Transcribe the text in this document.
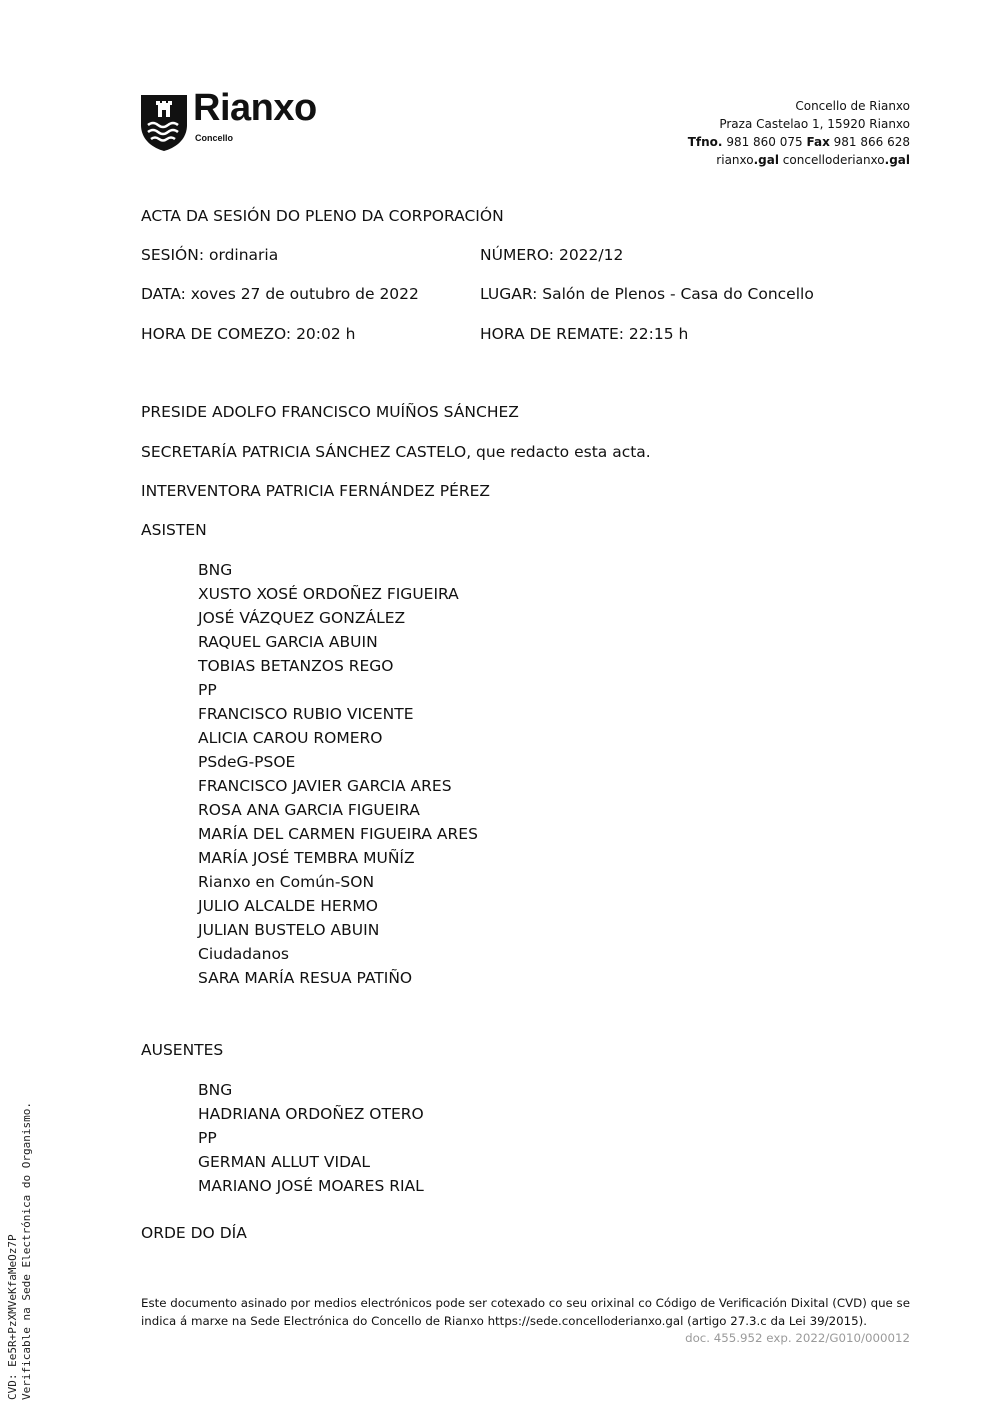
Rianxo
Concello
Concello de Rianxo
Praza Castelao 1, 15920 Rianxo
Tfno. 981 860 075 Fax 981 866 628
rianxo.gal concelloderianxo.gal
ACTA DA SESIÓN DO PLENO DA CORPORACIÓN
SESIÓN: ordinaria	NÚMERO: 2022/12
DATA: xoves 27 de outubro de 2022	LUGAR: Salón de Plenos - Casa do Concello
HORA DE COMEZO: 20:02 h	HORA DE REMATE: 22:15 h
PRESIDE ADOLFO FRANCISCO MUÍÑOS SÁNCHEZ
SECRETARÍA PATRICIA SÁNCHEZ CASTELO, que redacto esta acta.
INTERVENTORA PATRICIA FERNÁNDEZ PÉREZ
ASISTEN
BNG
XUSTO XOSÉ ORDOÑEZ FIGUEIRA
JOSÉ VÁZQUEZ GONZÁLEZ
RAQUEL GARCIA ABUIN
TOBIAS BETANZOS REGO
PP
FRANCISCO RUBIO VICENTE
ALICIA CAROU ROMERO
PSdeG-PSOE
FRANCISCO JAVIER GARCIA ARES
ROSA ANA GARCIA FIGUEIRA
MARÍA DEL CARMEN FIGUEIRA ARES
MARÍA JOSÉ TEMBRA MUÑÍZ
Rianxo en Común-SON
JULIO ALCALDE HERMO
JULIAN BUSTELO ABUIN
Ciudadanos
SARA MARÍA RESUA PATIÑO
AUSENTES
BNG
HADRIANA ORDOÑEZ OTERO
PP
GERMAN ALLUT VIDAL
MARIANO JOSÉ MOARES RIAL
ORDE DO DÍA
Este documento asinado por medios electrónicos pode ser cotexado co seu orixinal co Código de Verificación Dixital (CVD) que se indica á marxe na Sede Electrónica do Concello de Rianxo https://sede.concelloderianxo.gal (artigo 27.3.c da Lei 39/2015).
doc. 455.952 exp. 2022/G010/000012
CVD: Ee5R+PzXMVeKfaMeOz7P Verificable na Sede Electrónica do Organismo.
